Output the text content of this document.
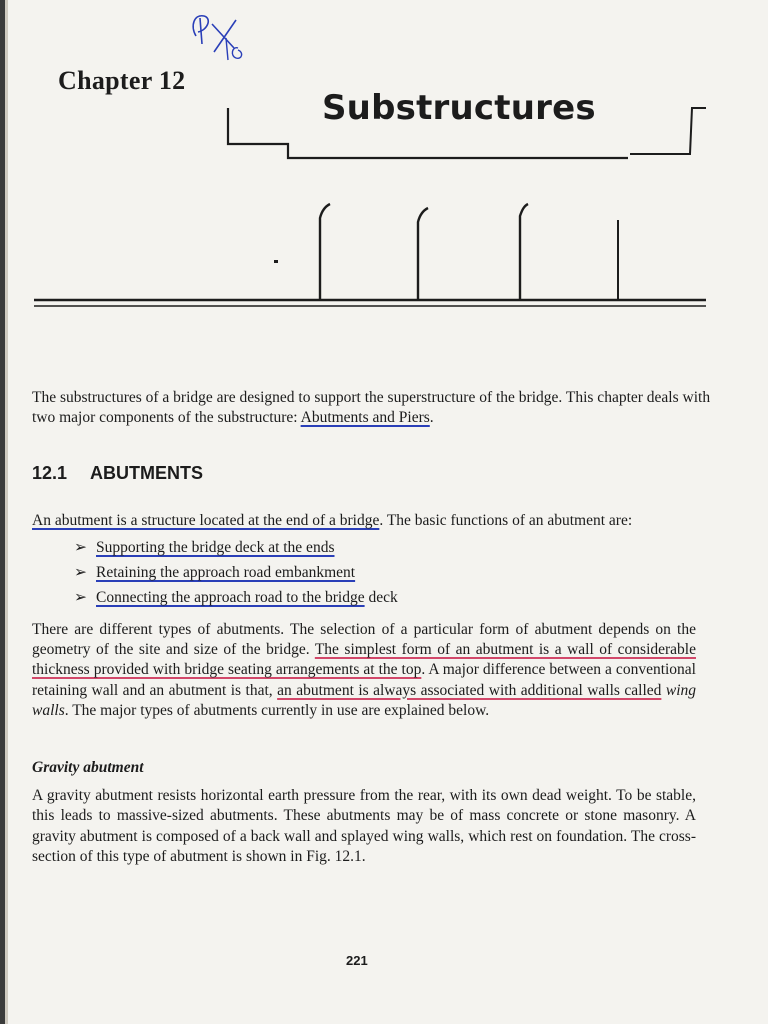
Chapter 12
Substructures
The substructures of a bridge are designed to support the superstructure of the bridge. This chapter deals with two major components of the substructure: Abutments and Piers.
12.1 ABUTMENTS
An abutment is a structure located at the end of a bridge. The basic functions of an abutment are:
➢ Supporting the bridge deck at the ends
➢ Retaining the approach road embankment
➢ Connecting the approach road to the bridge deck
There are different types of abutments. The selection of a particular form of abutment depends on the geometry of the site and size of the bridge. The simplest form of an abutment is a wall of considerable thickness provided with bridge seating arrangements at the top. A major difference between a conventional retaining wall and an abutment is that, an abutment is always associated with additional walls called wing walls. The major types of abutments currently in use are explained below.
Gravity abutment
A gravity abutment resists horizontal earth pressure from the rear, with its own dead weight. To be stable, this leads to massive-sized abutments. These abutments may be of mass concrete or stone masonry. A gravity abutment is composed of a back wall and splayed wing walls, which rest on foundation. The cross-section of this type of abutment is shown in Fig. 12.1.
221
